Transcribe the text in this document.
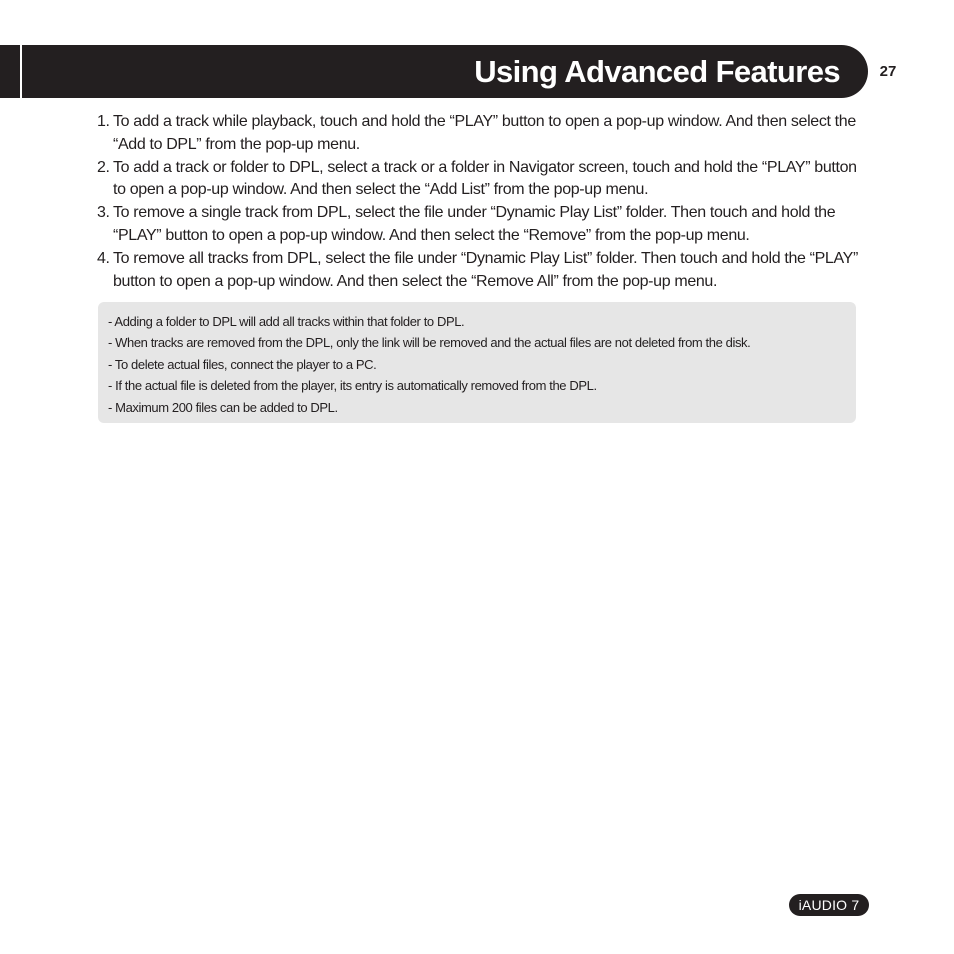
Using Advanced Features	27
1. To add a track while playback, touch and hold the “PLAY” button to open a pop-up window. And then select the “Add to DPL” from the pop-up menu.
2. To add a track or folder to DPL, select a track or a folder in Navigator screen, touch and hold the “PLAY” button to open a pop-up window. And then select the “Add List” from the pop-up menu.
3. To remove a single track from DPL, select the file under “Dynamic Play List” folder. Then touch and hold the “PLAY” button to open a pop-up window. And then select the “Remove” from the pop-up menu.
4. To remove all tracks from DPL, select the file under “Dynamic Play List” folder. Then touch and hold the “PLAY” button to open a pop-up window. And then select the “Remove All” from the pop-up menu.
- Adding a folder to DPL will add all tracks within that folder to DPL.
- When tracks are removed from the DPL, only the link will be removed and the actual files are not deleted from the disk.
- To delete actual files, connect the player to a PC.
- If the actual file is deleted from the player, its entry is automatically removed from the DPL.
- Maximum 200 files can be added to DPL.
iAUDIO 7
